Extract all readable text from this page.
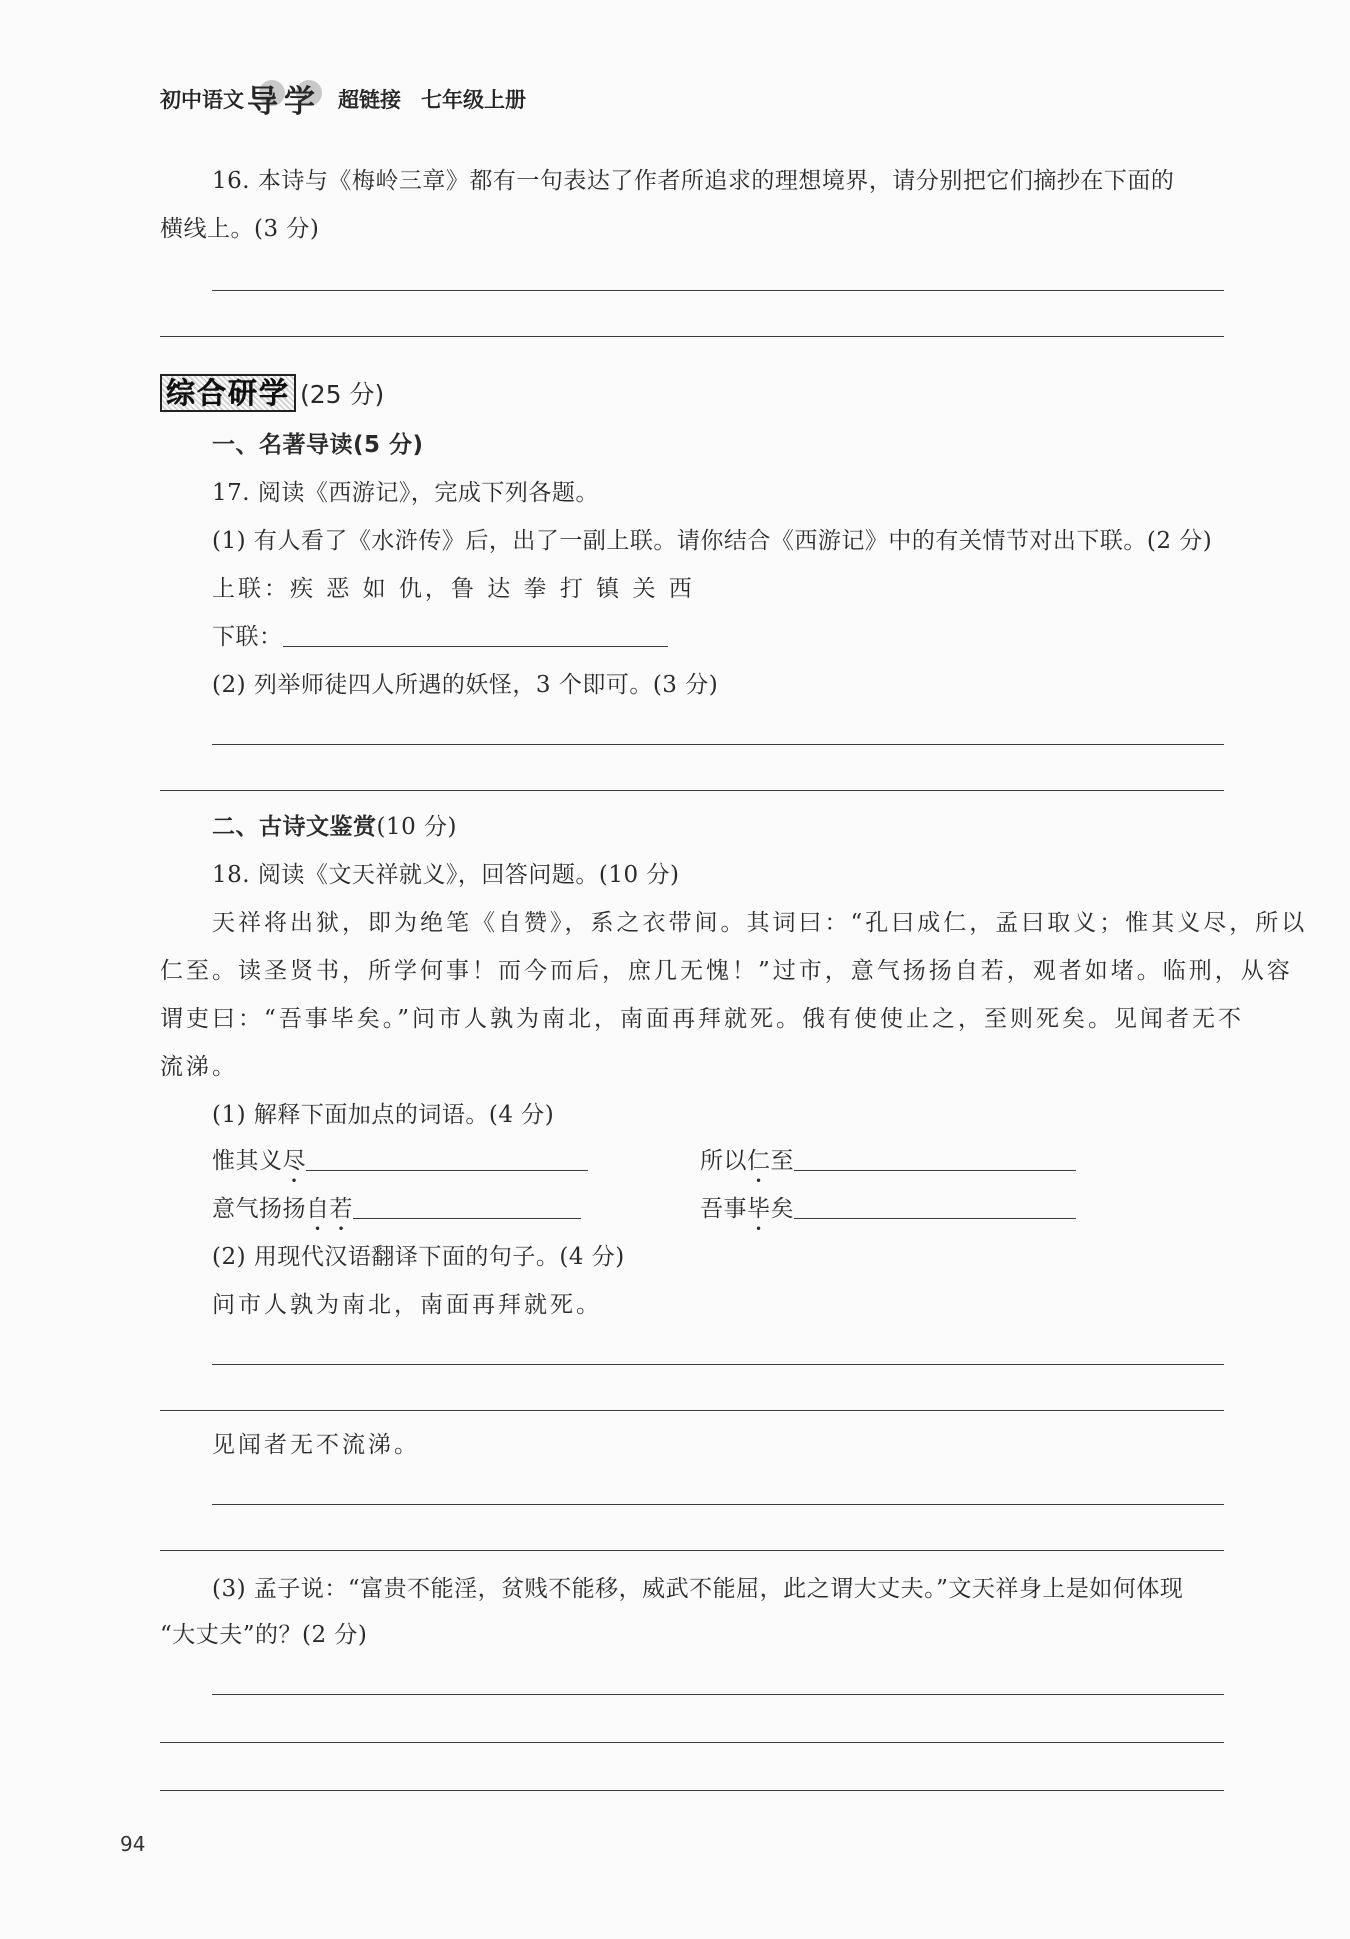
初中语文 导 学 超链接 七年级上册
16. 本诗与《梅岭三章》都有一句表达了作者所追求的理想境界，请分别把它们摘抄在下面的
横线上。(3 分)
综合研学 (25 分)
一、名著导读(5 分)
17. 阅读《西游记》，完成下列各题。
(1) 有人看了《水浒传》后，出了一副上联。请你结合《西游记》中的有关情节对出下联。(2 分)
上联：疾 恶 如 仇，鲁 达 拳 打 镇 关 西
下联：
(2) 列举师徒四人所遇的妖怪，3 个即可。(3 分)
二、古诗文鉴赏(10 分)
18. 阅读《文天祥就义》，回答问题。(10 分)
天祥将出狱，即为绝笔《自赞》，系之衣带间。其词曰：“孔曰成仁，孟曰取义；惟其义尽，所以
仁至。读圣贤书，所学何事！而今而后，庶几无愧！”过市，意气扬扬自若，观者如堵。临刑，从容
谓吏曰：“吾事毕矣。”问市人孰为南北，南面再拜就死。俄有使使止之，至则死矣。见闻者无不
流涕。
(1) 解释下面加点的词语。(4 分)
惟其义 尽	所以 仁 至
意气扬扬 自若	吾事 毕 矣
(2) 用现代汉语翻译下面的句子。(4 分)
问市人孰为南北，南面再拜就死。
见闻者无不流涕。
(3) 孟子说：“富贵不能淫，贫贱不能移，威武不能屈，此之谓大丈夫。”文天祥身上是如何体现
“大丈夫”的？(2 分)
94
